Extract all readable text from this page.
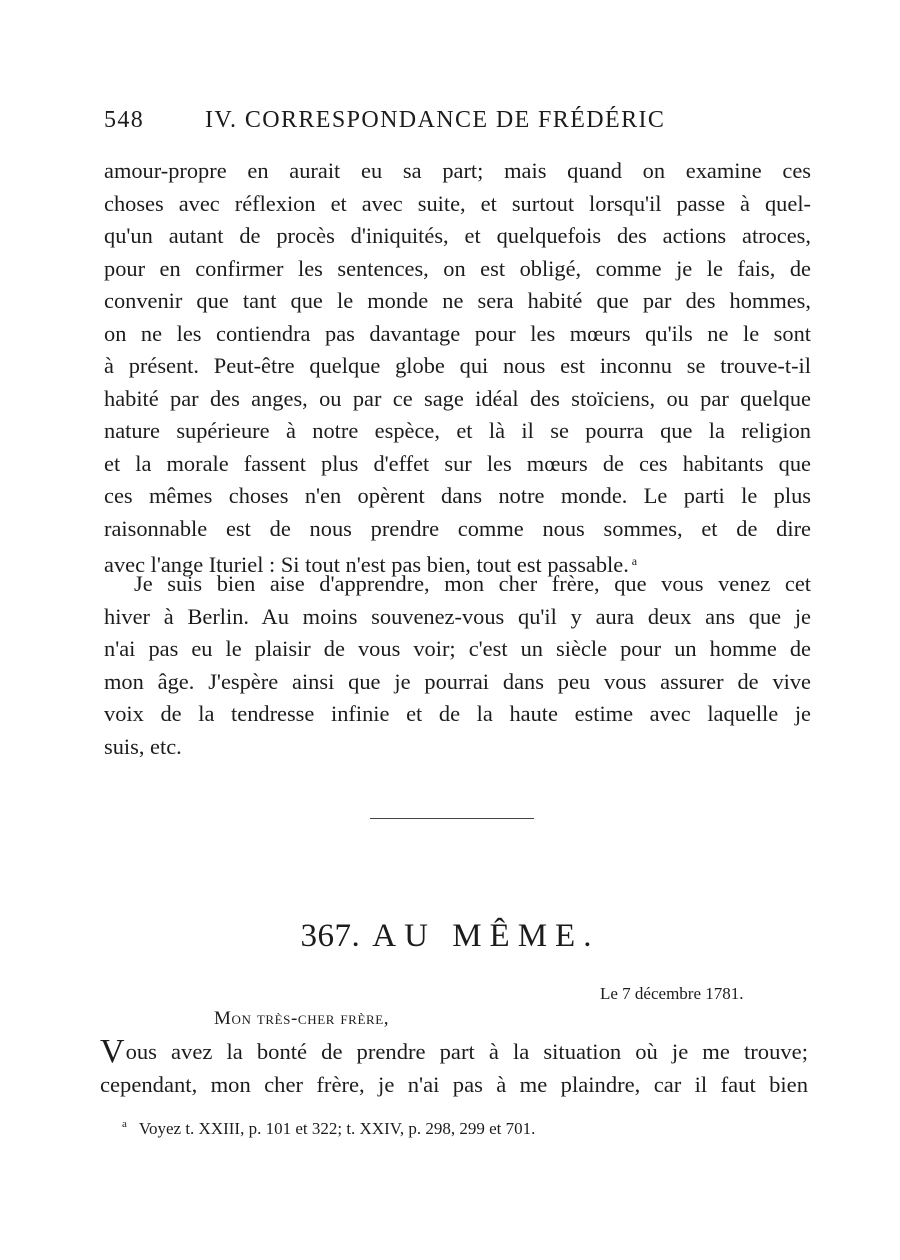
548	IV. CORRESPONDANCE DE FRÉDÉRIC
amour-propre en aurait eu sa part; mais quand on examine ces
choses avec réflexion et avec suite, et surtout lorsqu'il passe à quel-
qu'un autant de procès d'iniquités, et quelquefois des actions atroces,
pour en confirmer les sentences, on est obligé, comme je le fais, de
convenir que tant que le monde ne sera habité que par des hommes,
on ne les contiendra pas davantage pour les mœurs qu'ils ne le sont
à présent. Peut-être quelque globe qui nous est inconnu se trouve-t-il
habité par des anges, ou par ce sage idéal des stoïciens, ou par quelque
nature supérieure à notre espèce, et là il se pourra que la religion
et la morale fassent plus d'effet sur les mœurs de ces habitants que
ces mêmes choses n'en opèrent dans notre monde. Le parti le plus
raisonnable est de nous prendre comme nous sommes, et de dire
avec l'ange Ituriel : Si tout n'est pas bien, tout est passable. $^a$
Je suis bien aise d'apprendre, mon cher frère, que vous venez cet
hiver à Berlin. Au moins souvenez-vous qu'il y aura deux ans que je
n'ai pas eu le plaisir de vous voir; c'est un siècle pour un homme de
mon âge. J'espère ainsi que je pourrai dans peu vous assurer de vive
voix de la tendresse infinie et de la haute estime avec laquelle je
suis, etc.
367. AU MÊME.
Le 7 décembre 1781.
Mon très-cher frère,
Vous avez la bonté de prendre part à la situation où je me trouve;
cependant, mon cher frère, je n'ai pas à me plaindre, car il faut bien
$^a$ Voyez t. XXIII, p. 101 et 322; t. XXIV, p. 298, 299 et 701.
